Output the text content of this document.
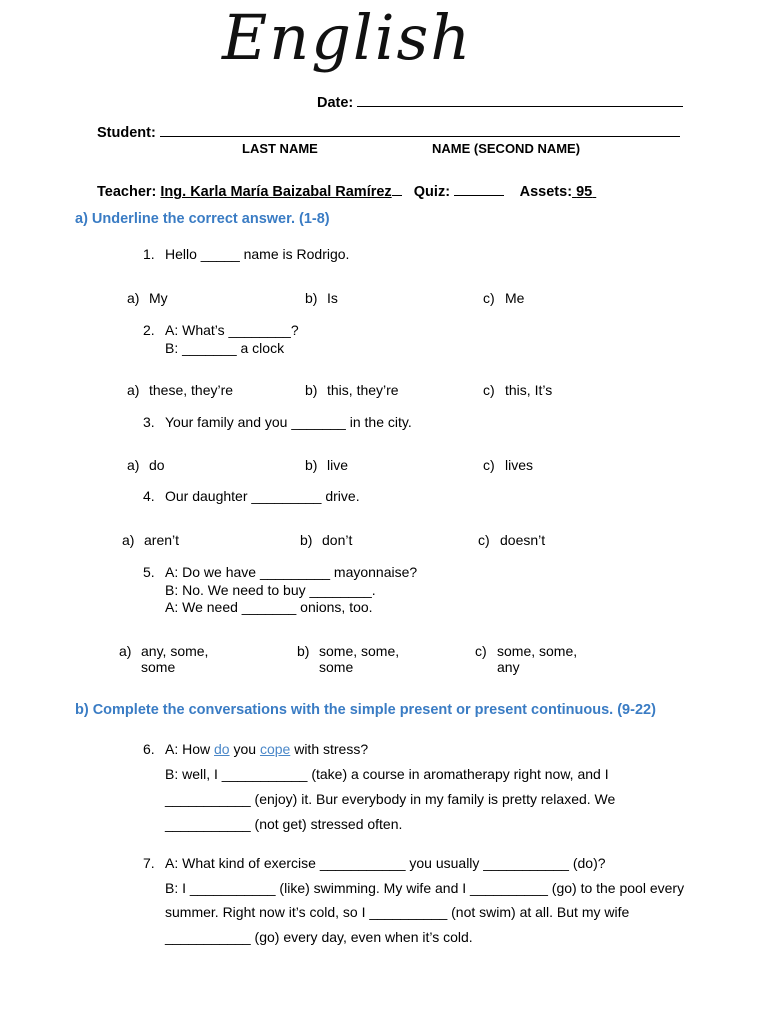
English
Date:
Student:
LAST NAME	NAME (SECOND NAME)
Teacher: Ing. Karla María Baizabal Ramírez Quiz:	Assets: 95
a) Underline the correct answer. (1-8)
1. Hello _____ name is Rodrigo.
a) My	b) Is	c) Me
2. A: What’s ________?
B: _______ a clock
a) these, they’re	b) this, they’re	c) this, It’s
3. Your family and you _______ in the city.
a) do	b) live	c) lives
4. Our daughter _________ drive.
a) aren’t	b) don’t	c) doesn’t
5. A: Do we have _________ mayonnaise?
B: No. We need to buy ________.
A: We need _______ onions, too.
a) any, some,
some
b) some, some,
some
c) some, some,
any
b) Complete the conversations with the simple present or present continuous. (9-22)
6. A: How do you cope with stress?
B: well, I ___________ (take) a course in aromatherapy right now, and I
___________ (enjoy) it. Bur everybody in my family is pretty relaxed. We
___________ (not get) stressed often.
7. A: What kind of exercise ___________ you usually ___________ (do)?
B: I ___________ (like) swimming. My wife and I __________ (go) to the pool every
summer. Right now it’s cold, so I __________ (not swim) at all. But my wife
___________ (go) every day, even when it’s cold.
